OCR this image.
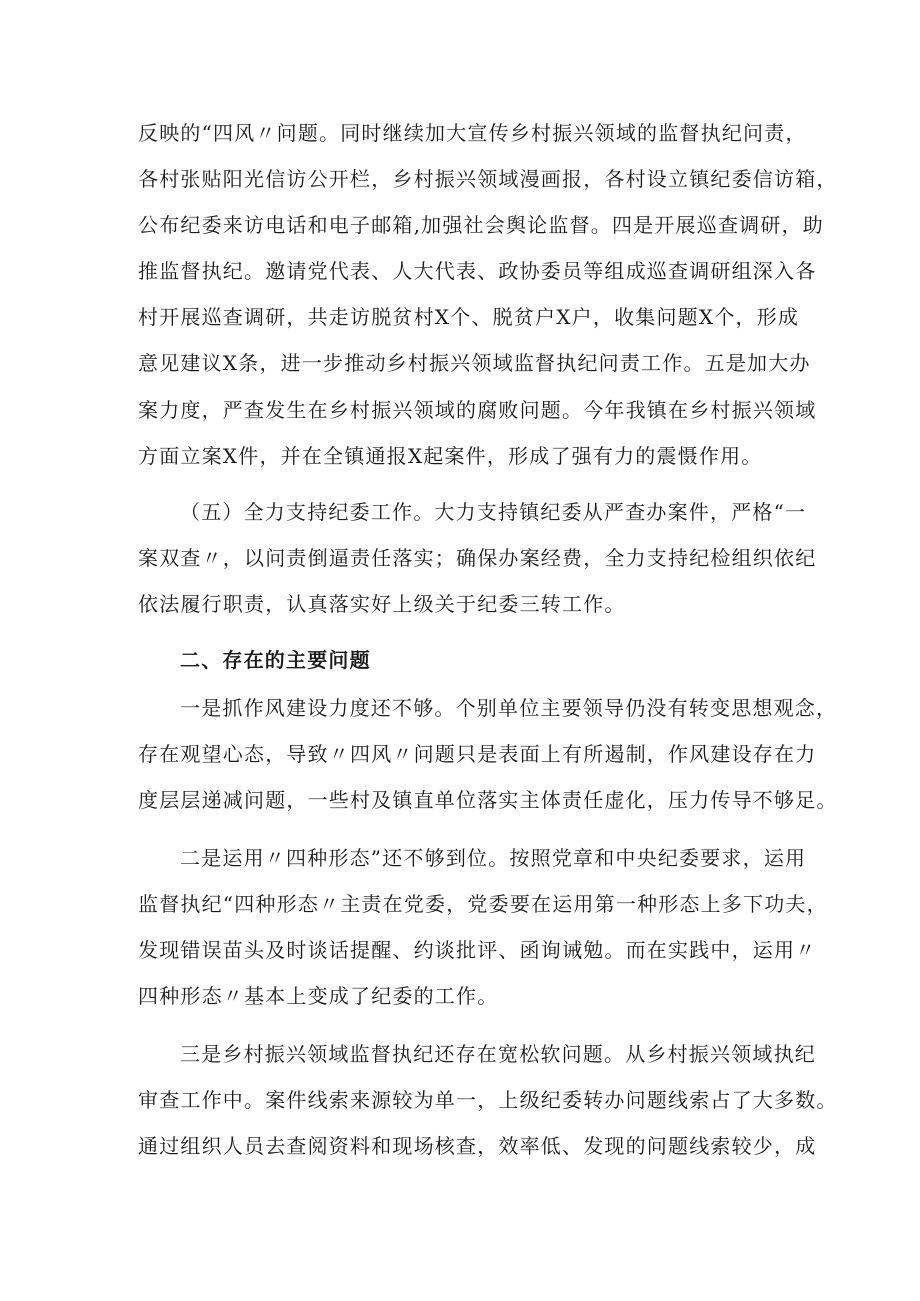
反映的“四风〃问题。同时继续加大宣传乡村振兴领域的监督执纪问责，
各村张贴阳光信访公开栏，乡村振兴领域漫画报，各村设立镇纪委信访箱，
公布纪委来访电话和电子邮箱,加强社会舆论监督。四是开展巡查调研，助
推监督执纪。邀请党代表、人大代表、政协委员等组成巡查调研组深入各
村开展巡查调研，共走访脱贫村X个、脱贫户X户，收集问题X个，形成
意见建议X条，进一步推动乡村振兴领域监督执纪问责工作。五是加大办
案力度，严查发生在乡村振兴领域的腐败问题。今年我镇在乡村振兴领域
方面立案X件，并在全镇通报X起案件，形成了强有力的震慑作用。
（五）全力支持纪委工作。大力支持镇纪委从严查办案件，严格“一
案双查〃，以问责倒逼责任落实；确保办案经费，全力支持纪检组织依纪
依法履行职责，认真落实好上级关于纪委三转工作。
二、存在的主要问题
一是抓作风建设力度还不够。个别单位主要领导仍没有转变思想观念，
存在观望心态，导致〃四风〃问题只是表面上有所遏制，作风建设存在力
度层层递减问题，一些村及镇直单位落实主体责任虚化，压力传导不够足。
二是运用〃四种形态”还不够到位。按照党章和中央纪委要求，运用
监督执纪“四种形态〃主责在党委，党委要在运用第一种形态上多下功夫，
发现错误苗头及时谈话提醒、约谈批评、函询诫勉。而在实践中，运用〃
四种形态〃基本上变成了纪委的工作。
三是乡村振兴领域监督执纪还存在宽松软问题。从乡村振兴领域执纪
审查工作中。案件线索来源较为单一，上级纪委转办问题线索占了大多数。
通过组织人员去查阅资料和现场核查，效率低、发现的问题线索较少，成
